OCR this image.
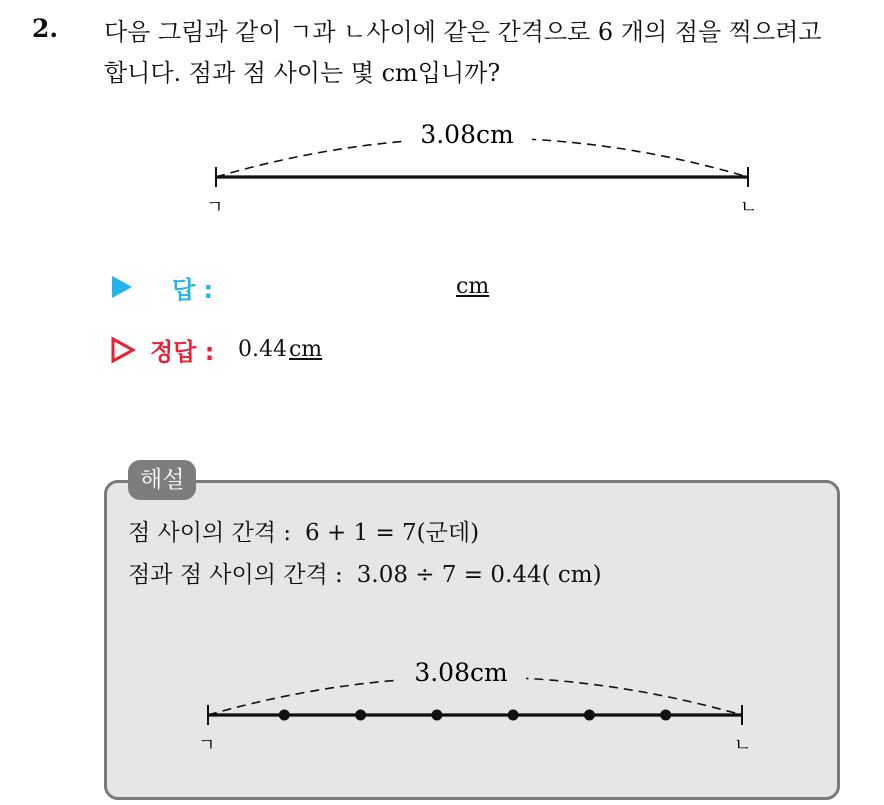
2. 다음 그림과 같이 ㄱ과 ㄴ사이에 같은 간격으로 6 개의 점을 찍으려고
합니다. 점과 점 사이는 몇 cm입니까?
3.08cm
ㄱ	ㄴ
답 :	cm
정답 : 0.44cm
해설
점 사이의 간격 : 6 + 1 = 7(군데)
점과 점 사이의 간격 : 3.08 ÷ 7 = 0.44( cm)
3.08cm
ㄱ	ㄴ
